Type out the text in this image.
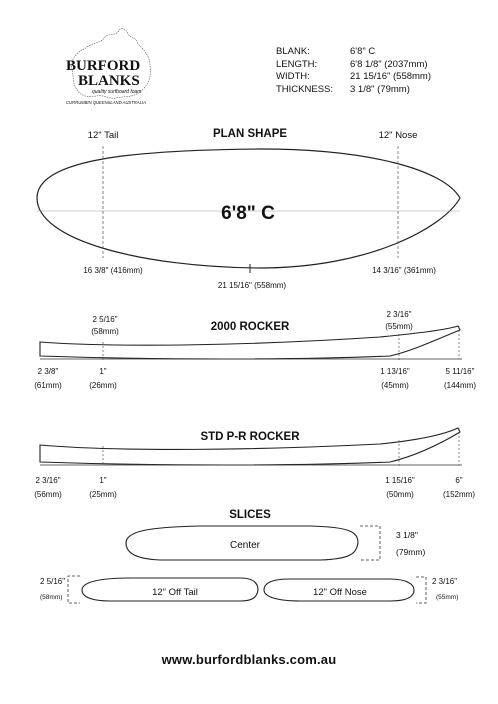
BURFORD
BLANKS
quality surfboard foam
CURRUMBIN QUEENSLAND AUSTRALIA
PLAN SHAPE
12" Tail	12" Nose
6'8" C
16 3/8" (416mm)
21 15/16" (558mm)
14 3/16" (361mm)
2000 ROCKER
2 5/16"
(58mm)
2 3/16"
(55mm)
2 3/8"
(61mm)
1"
(26mm)
1 13/16"
(45mm)
5 11/16"
(144mm)
STD P-R ROCKER
2 3/16"
(56mm)
1"
(25mm)
1 15/16"
(50mm)
6"
(152mm)
SLICES
Center
3 1/8"
(79mm)
12" Off Tail
2 5/16"
(58mm)	12" Off Nose
2 3/16"
(55mm)
BLANK:
LENGTH:
WIDTH:
THICKNESS:
6'8" C
6'8 1/8" (2037mm)
21 15/16" (558mm)
3 1/8" (79mm)
www.burfordblanks.com.au
